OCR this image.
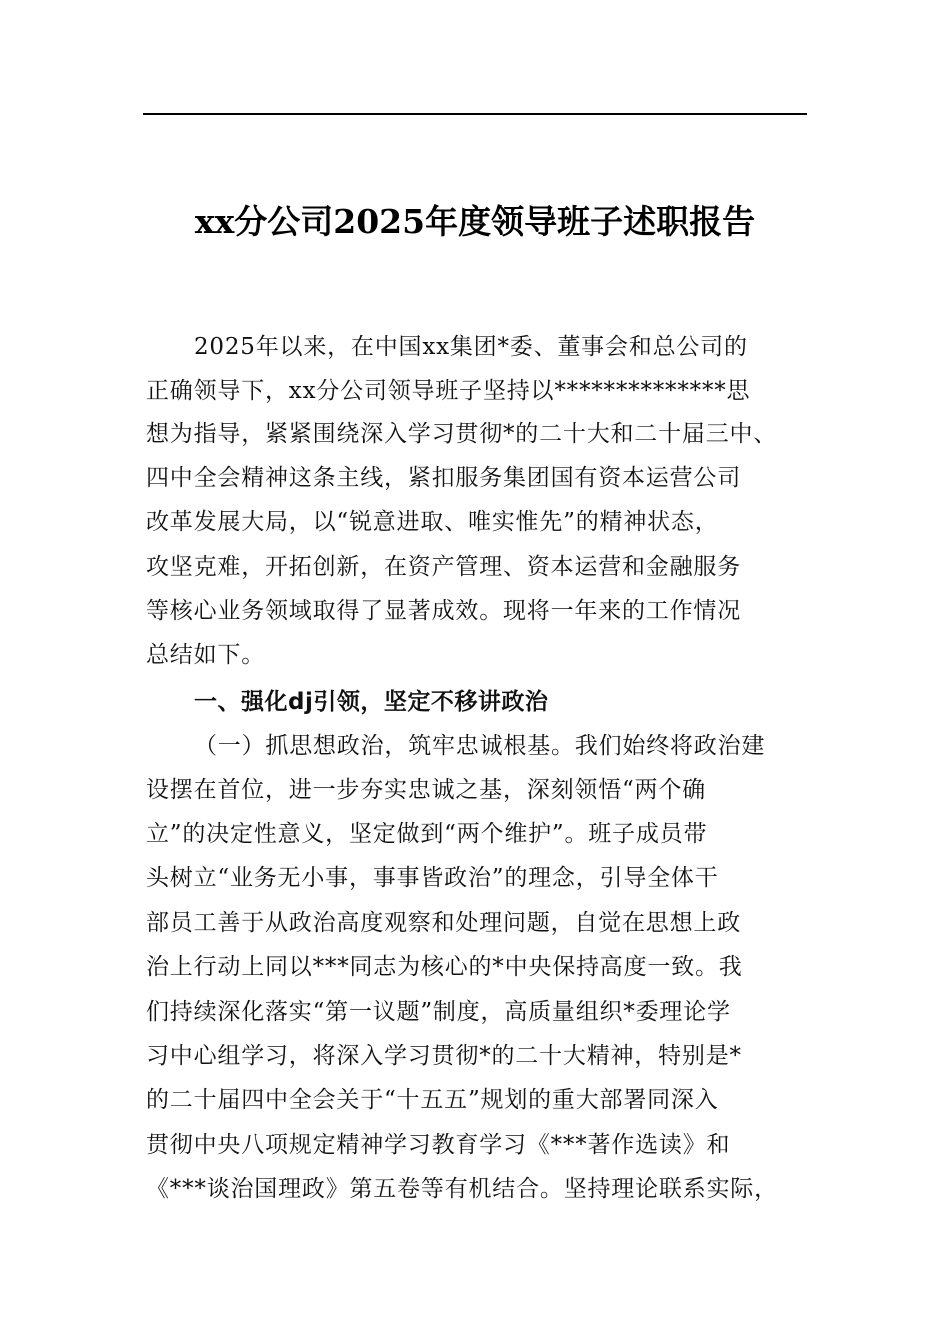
xx分公司2025年度领导班子述职报告
2025年以来，在中国xx集团*委、董事会和总公司的
正确领导下，xx分公司领导班子坚持以**************思
想为指导，紧紧围绕深入学习贯彻*的二十大和二十届三中、
四中全会精神这条主线，紧扣服务集团国有资本运营公司
改革发展大局，以“锐意进取、唯实惟先”的精神状态，
攻坚克难，开拓创新，在资产管理、资本运营和金融服务
等核心业务领域取得了显著成效。现将一年来的工作情况
总结如下。
一、强化dj引领，坚定不移讲政治
（一）抓思想政治，筑牢忠诚根基。我们始终将政治建
设摆在首位，进一步夯实忠诚之基，深刻领悟“两个确
立”的决定性意义，坚定做到“两个维护”。班子成员带
头树立“业务无小事，事事皆政治”的理念，引导全体干
部员工善于从政治高度观察和处理问题，自觉在思想上政
治上行动上同以***同志为核心的*中央保持高度一致。我
们持续深化落实“第一议题”制度，高质量组织*委理论学
习中心组学习，将深入学习贯彻*的二十大精神，特别是*
的二十届四中全会关于“十五五”规划的重大部署同深入
贯彻中央八项规定精神学习教育学习《***著作选读》和
《***谈治国理政》第五卷等有机结合。坚持理论联系实际，
